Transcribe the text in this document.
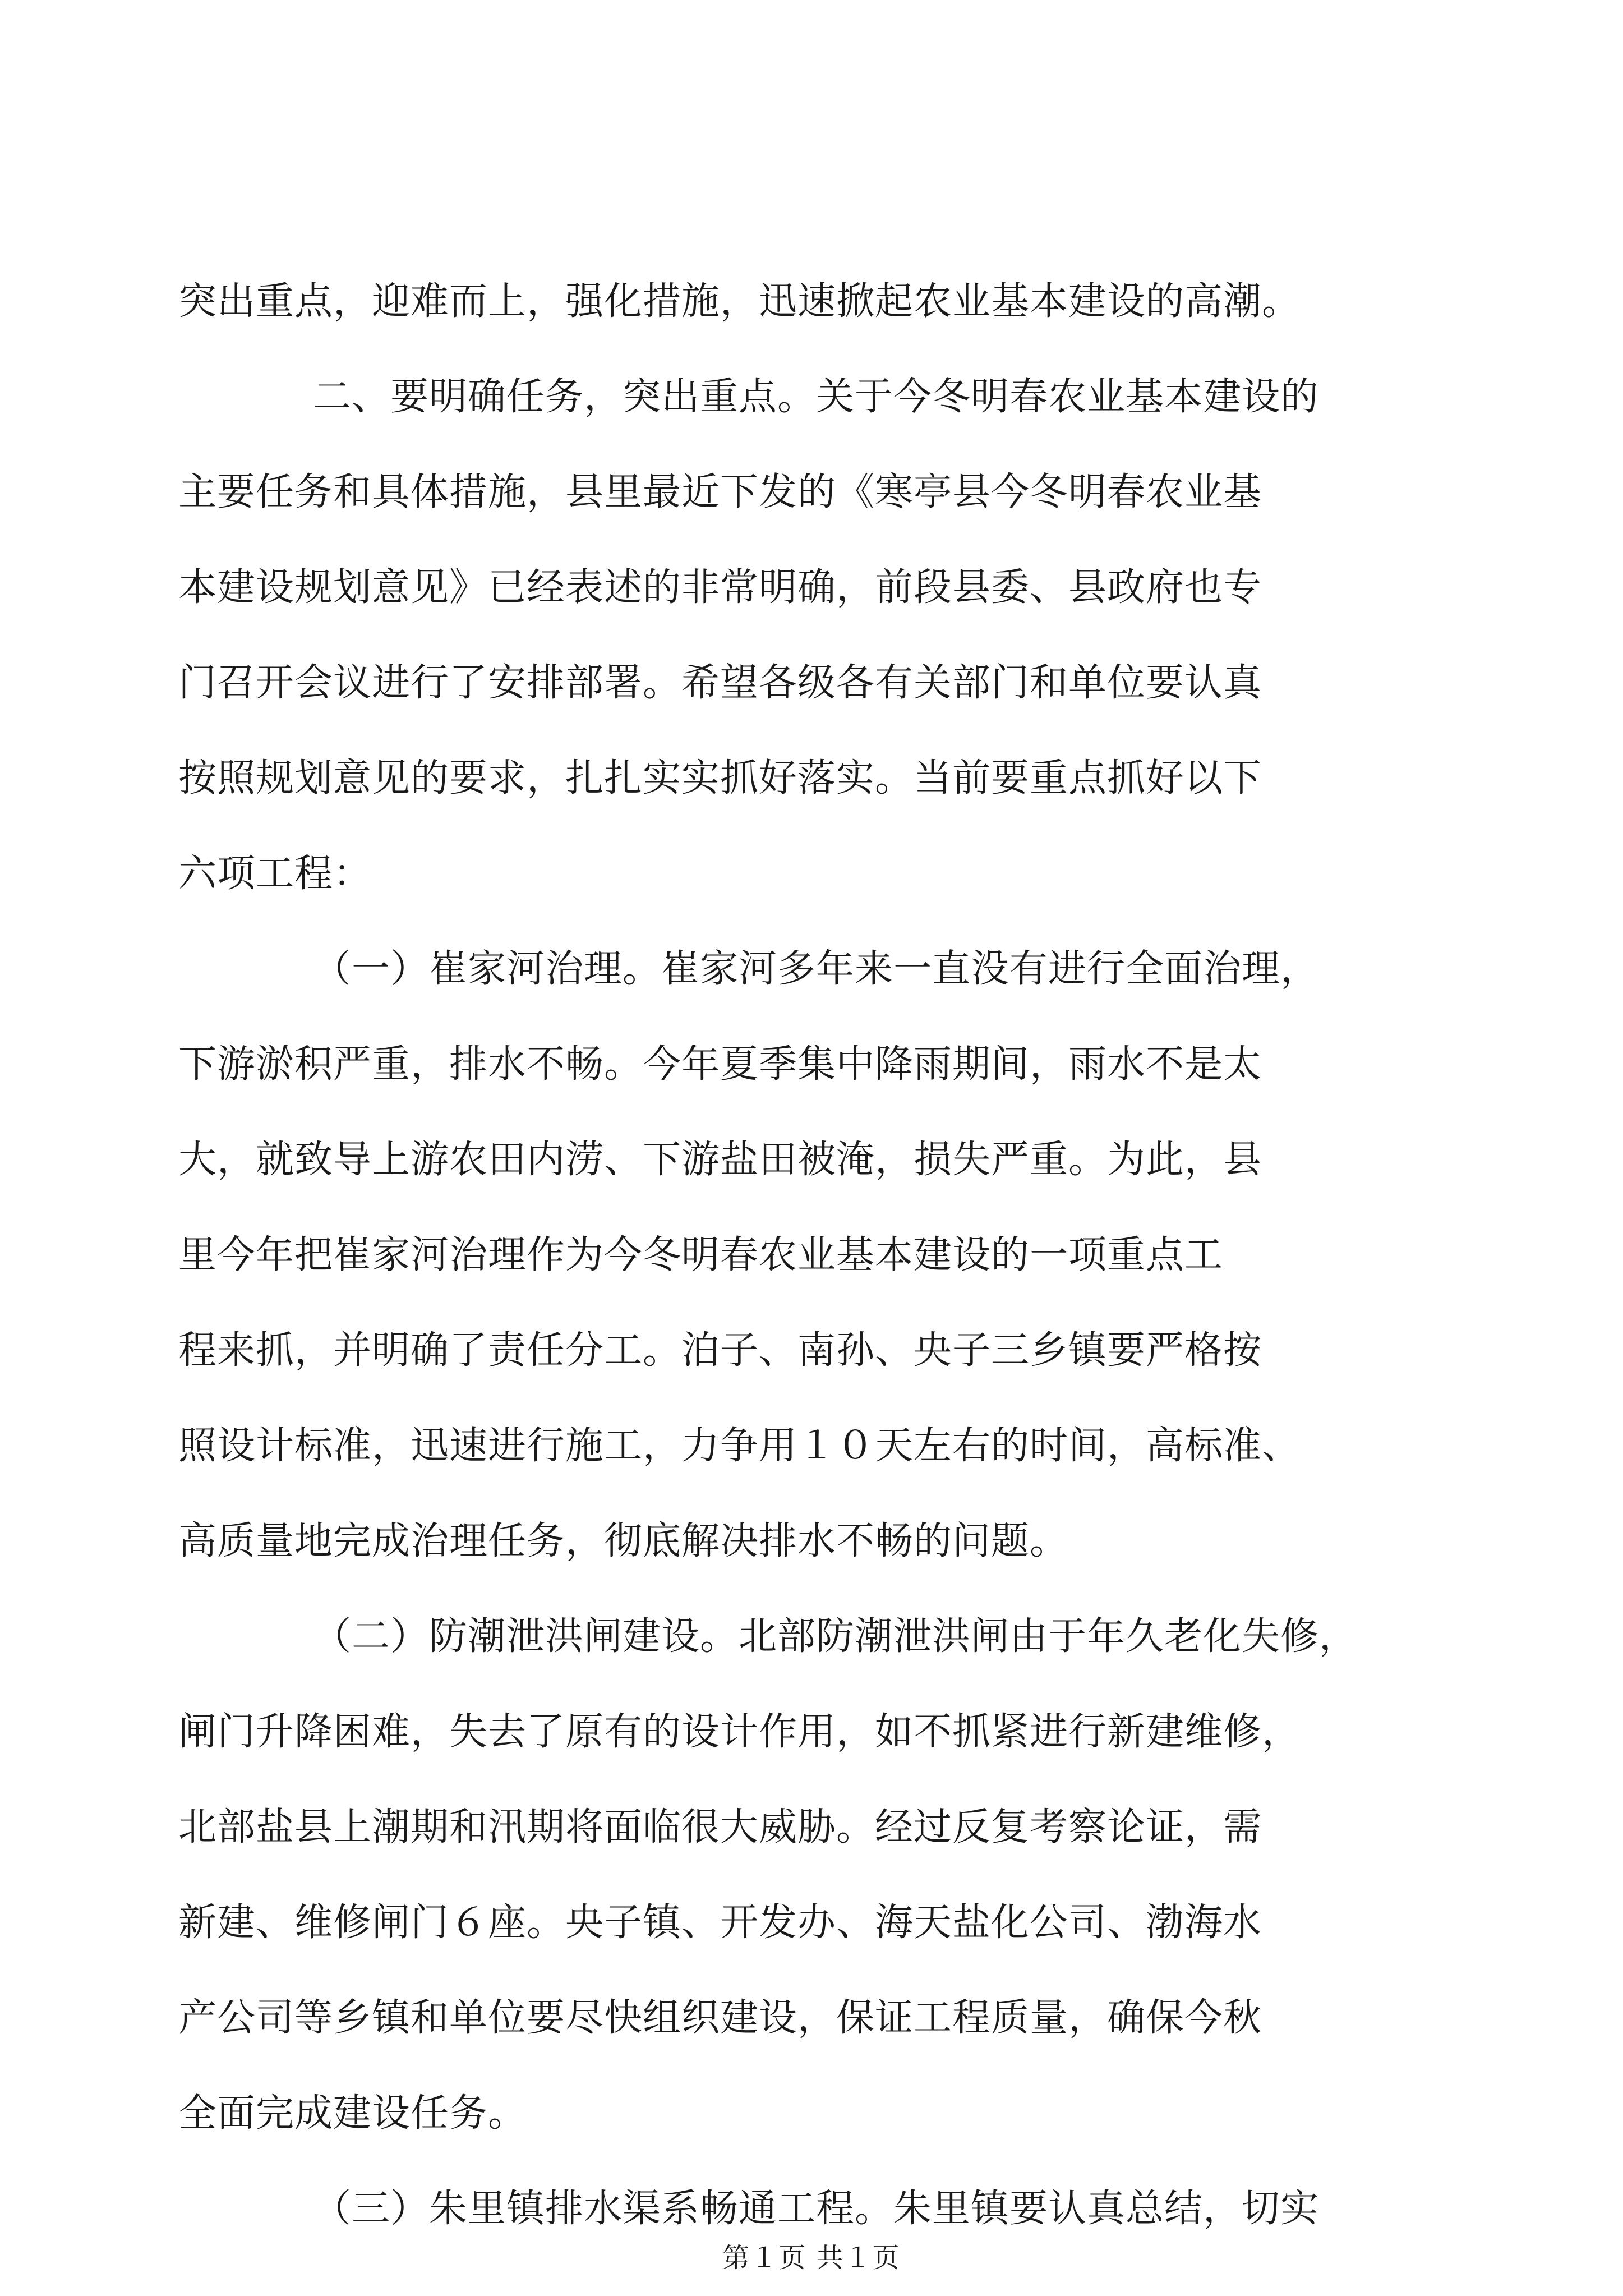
突出重点，迎难而上，强化措施，迅速掀起农业基本建设的高潮。
二、要明确任务，突出重点。关于今冬明春农业基本建设的
主要任务和具体措施，县里最近下发的《寒亭县今冬明春农业基
本建设规划意见》已经表述的非常明确，前段县委、县政府也专
门召开会议进行了安排部署。希望各级各有关部门和单位要认真
按照规划意见的要求，扎扎实实抓好落实。当前要重点抓好以下
六项工程：
（一）崔家河治理。崔家河多年来一直没有进行全面治理，
下游淤积严重，排水不畅。今年夏季集中降雨期间，雨水不是太
大，就致导上游农田内涝、下游盐田被淹，损失严重。为此，县
里今年把崔家河治理作为今冬明春农业基本建设的一项重点工
程来抓，并明确了责任分工。泊子、南孙、央子三乡镇要严格按
照设计标准，迅速进行施工，力争用１０天左右的时间，高标准、
高质量地完成治理任务，彻底解决排水不畅的问题。
（二）防潮泄洪闸建设。北部防潮泄洪闸由于年久老化失修，
闸门升降困难，失去了原有的设计作用，如不抓紧进行新建维修，
北部盐县上潮期和汛期将面临很大威胁。经过反复考察论证，需
新建、维修闸门６座。央子镇、开发办、海天盐化公司、渤海水
产公司等乡镇和单位要尽快组织建设，保证工程质量，确保今秋
全面完成建设任务。
（三）朱里镇排水渠系畅通工程。朱里镇要认真总结，切实
第１页 共１页
